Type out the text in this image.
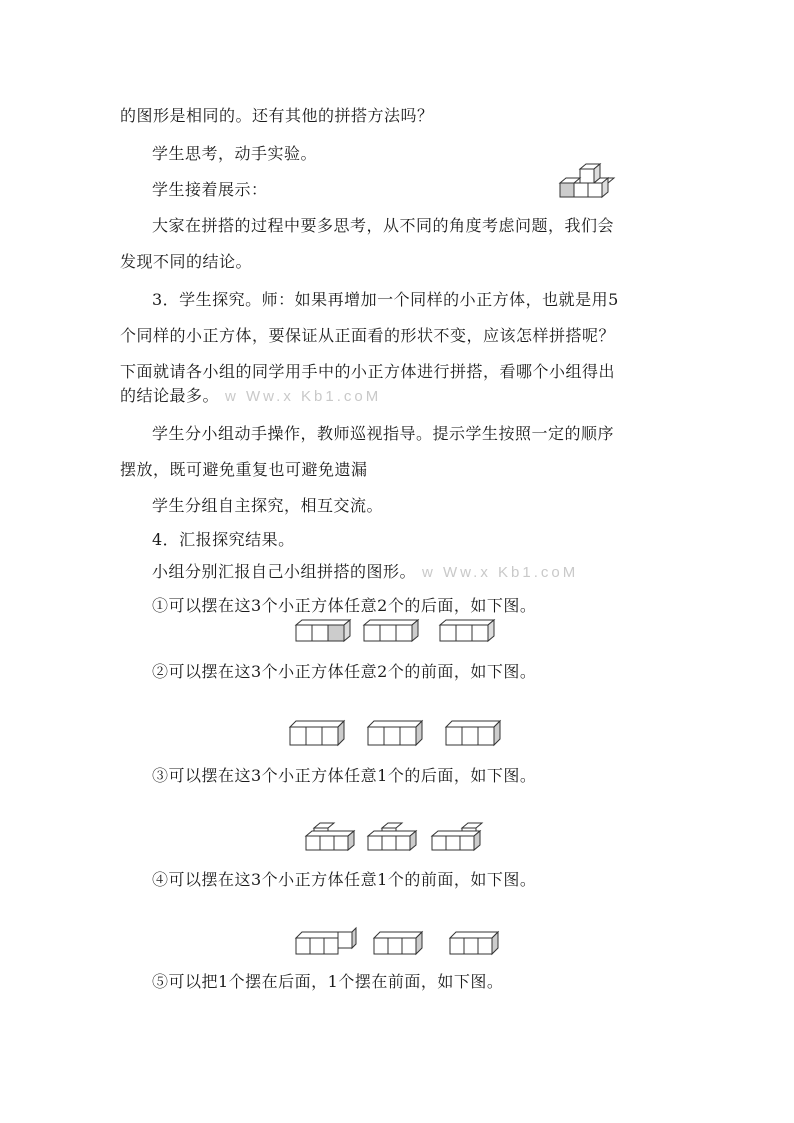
的图形是相同的。还有其他的拼搭方法吗？
学生思考，动手实验。
学生接着展示：
大家在拼搭的过程中要多思考，从不同的角度考虑问题，我们会
发现不同的结论。
3．学生探究。师：如果再增加一个同样的小正方体，也就是用5
个同样的小正方体，要保证从正面看的形状不变，应该怎样拼搭呢？
下面就请各小组的同学用手中的小正方体进行拼搭，看哪个小组得出
的结论最多。 w Ww.x Kb1.coM
学生分小组动手操作，教师巡视指导。提示学生按照一定的顺序
摆放，既可避免重复也可避免遗漏
学生分组自主探究，相互交流。
4．汇报探究结果。
小组分别汇报自己小组拼搭的图形。 w Ww.x Kb1.coM
①可以摆在这3个小正方体任意2个的后面，如下图。
②可以摆在这3个小正方体任意2个的前面，如下图。
③可以摆在这3个小正方体任意1个的后面，如下图。
④可以摆在这3个小正方体任意1个的前面，如下图。
⑤可以把1个摆在后面，1个摆在前面，如下图。
